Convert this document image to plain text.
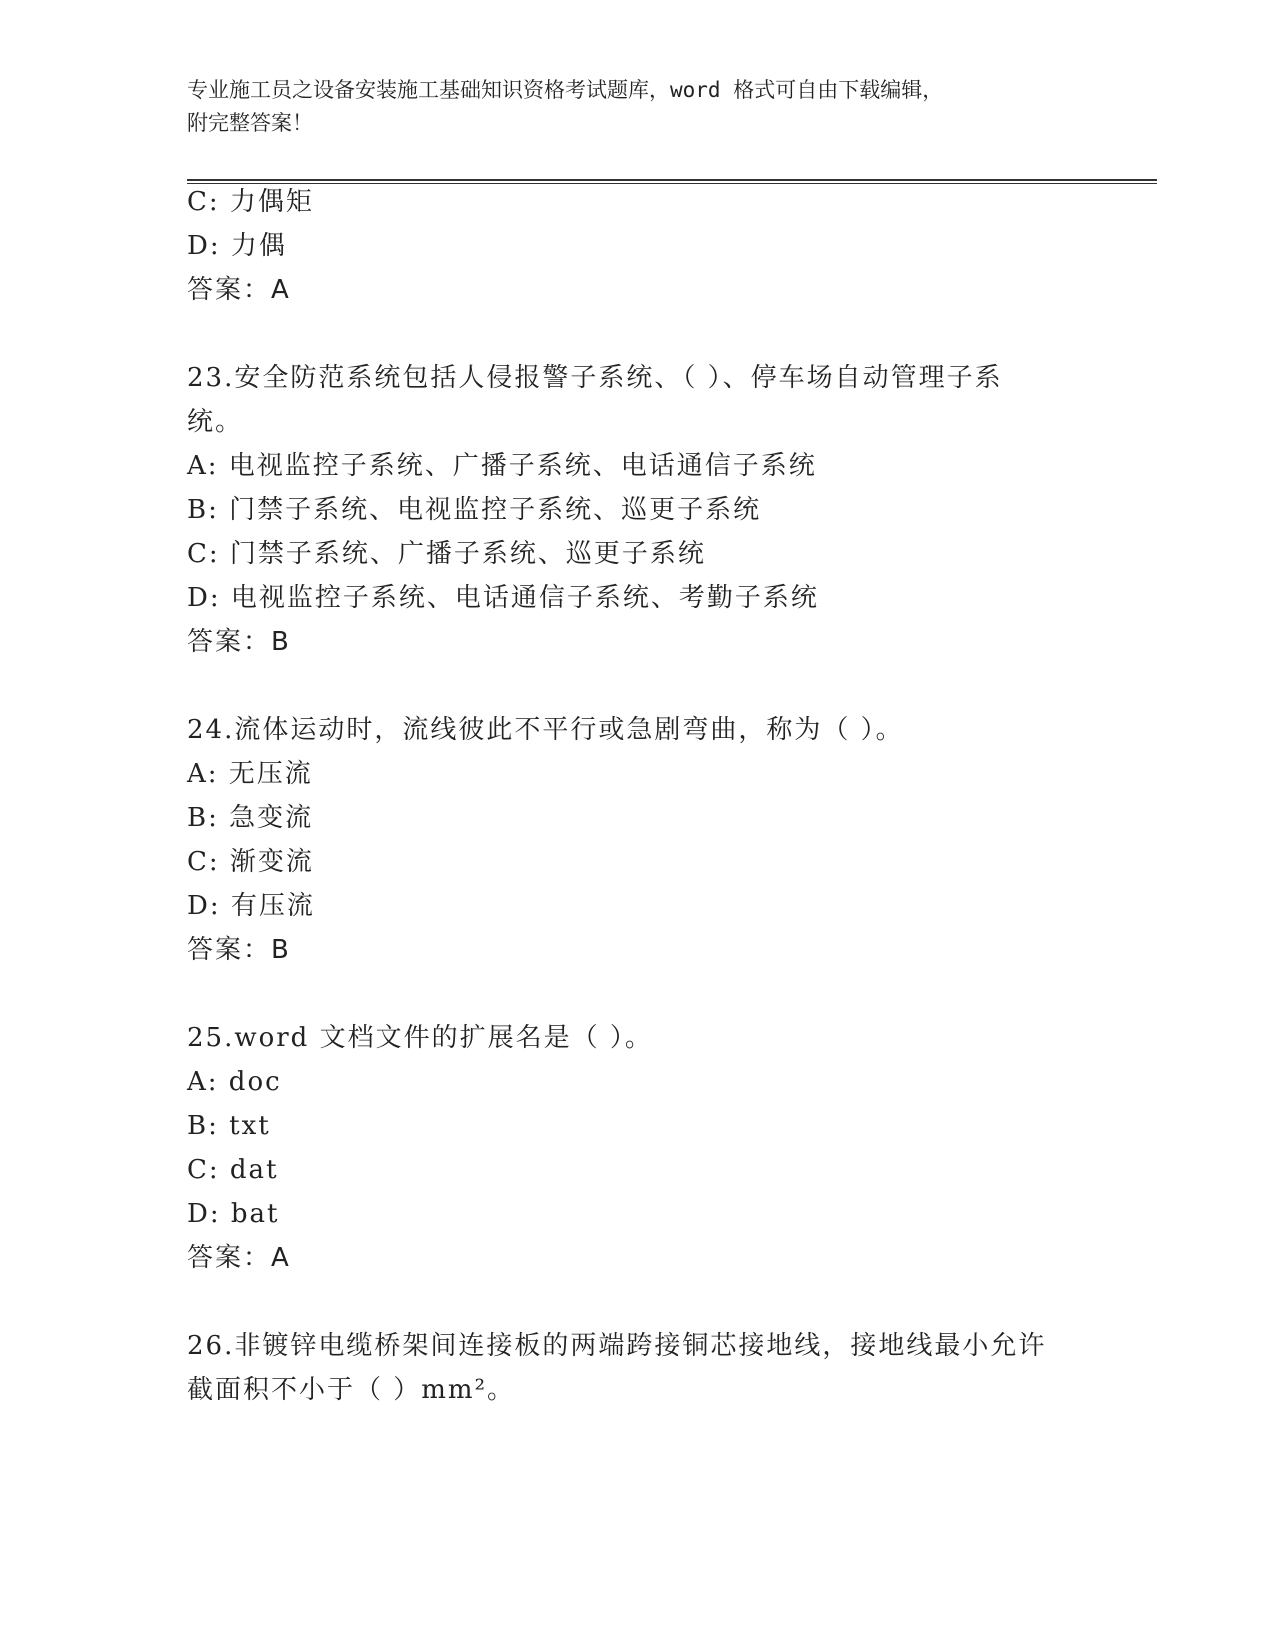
专业施工员之设备安装施工基础知识资格考试题库，word 格式可自由下载编辑，
附完整答案！
C: 力偶矩
D: 力偶
答案：A
23.安全防范系统包括人侵报警子系统、（ ）、停车场自动管理子系
统。
A: 电视监控子系统、广播子系统、电话通信子系统
B: 门禁子系统、电视监控子系统、巡更子系统
C: 门禁子系统、广播子系统、巡更子系统
D: 电视监控子系统、电话通信子系统、考勤子系统
答案：B
24.流体运动时，流线彼此不平行或急剧弯曲，称为（ ）。
A: 无压流
B: 急变流
C: 渐变流
D: 有压流
答案：B
25.word 文档文件的扩展名是（ ）。
A: doc
B: txt
C: dat
D: bat
答案：A
26.非镀锌电缆桥架间连接板的两端跨接铜芯接地线，接地线最小允许
截面积不小于（ ）mm²。
